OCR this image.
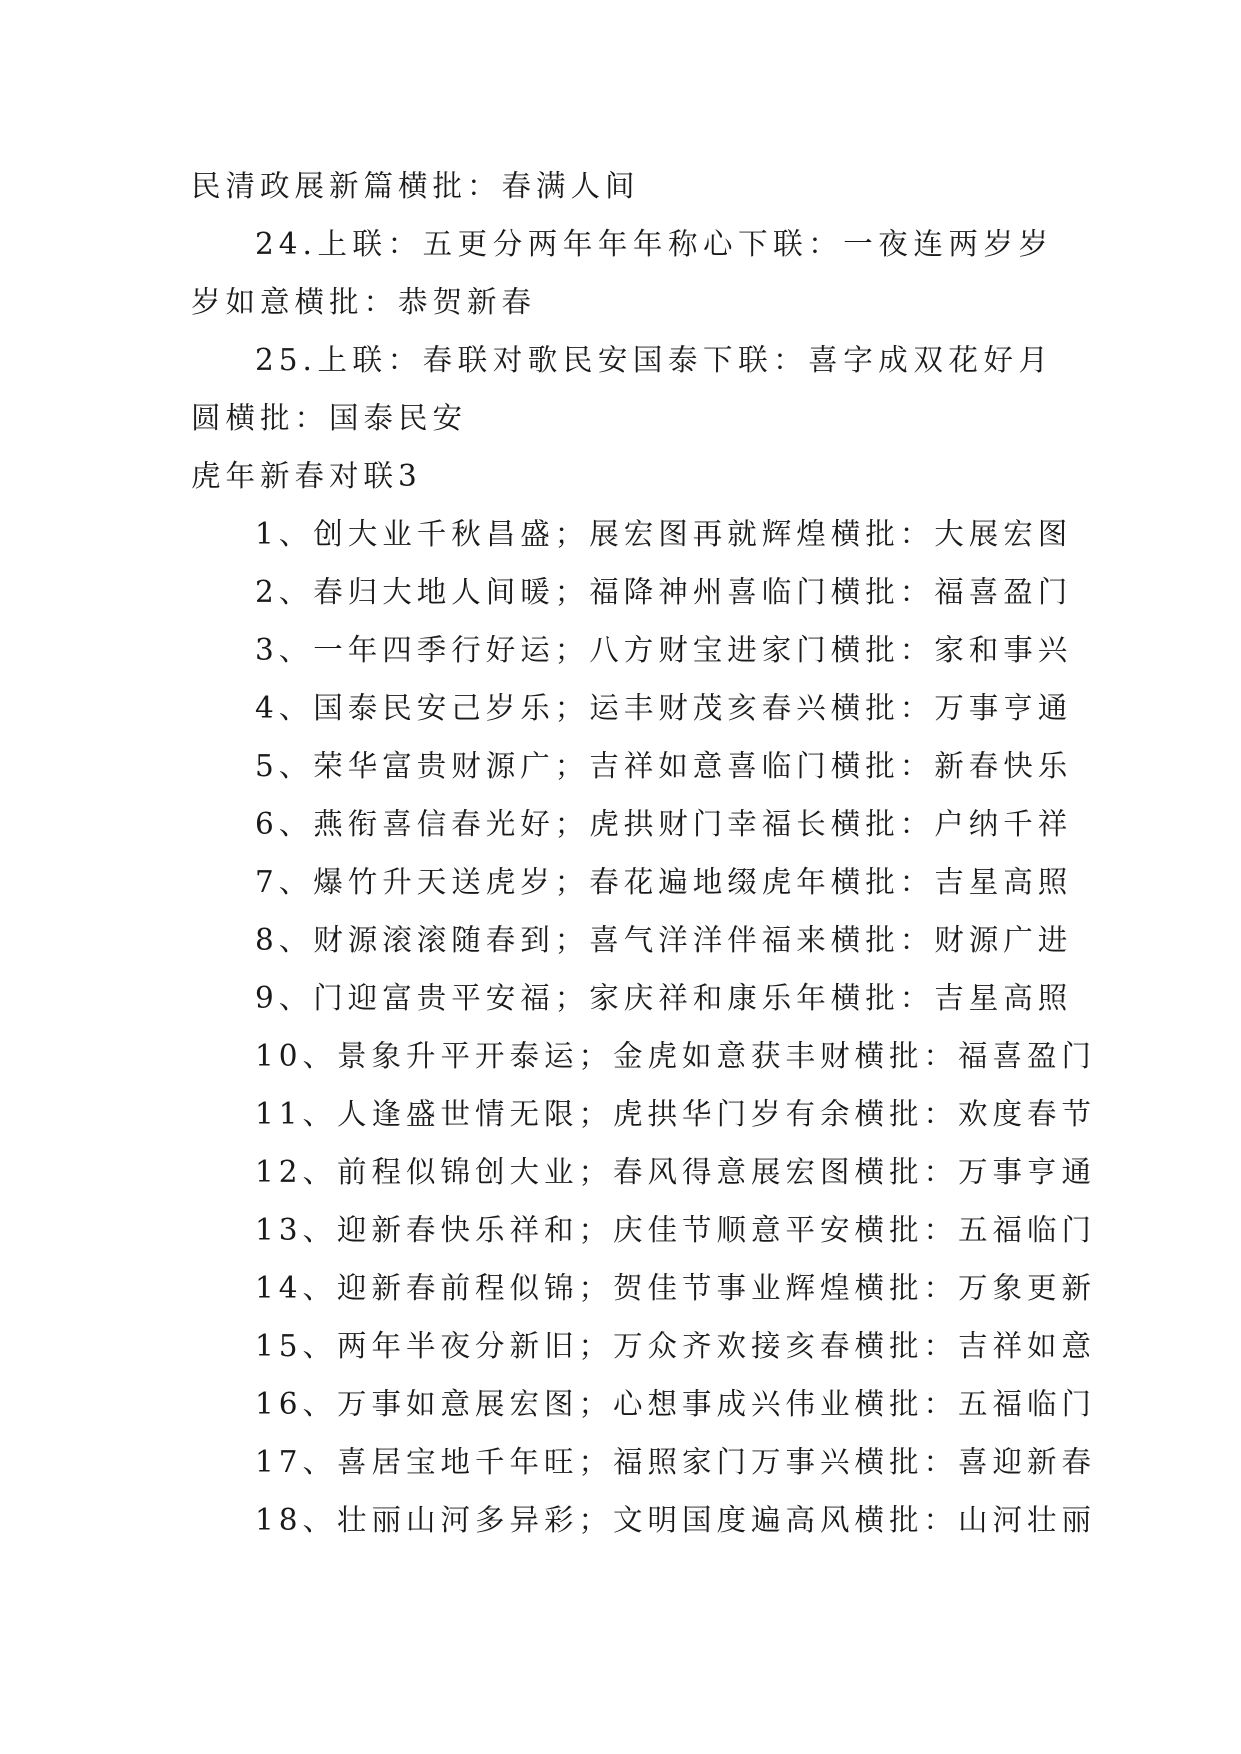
民清政展新篇横批：春满人间

24.上联：五更分两年年年称心下联：一夜连两岁岁岁如意横批：恭贺新春

25.上联：春联对歌民安国泰下联：喜字成双花好月圆横批：国泰民安

虎年新春对联3

1、创大业千秋昌盛；展宏图再就辉煌横批：大展宏图

2、春归大地人间暖；福降神州喜临门横批：福喜盈门

3、一年四季行好运；八方财宝进家门横批：家和事兴

4、国泰民安己岁乐；运丰财茂亥春兴横批：万事亨通

5、荣华富贵财源广；吉祥如意喜临门横批：新春快乐

6、燕衔喜信春光好；虎拱财门幸福长横批：户纳千祥

7、爆竹升天送虎岁；春花遍地缀虎年横批：吉星高照

8、财源滚滚随春到；喜气洋洋伴福来横批：财源广进

9、门迎富贵平安福；家庆祥和康乐年横批：吉星高照

10、景象升平开泰运；金虎如意获丰财横批：福喜盈门

11、人逢盛世情无限；虎拱华门岁有余横批：欢度春节

12、前程似锦创大业；春风得意展宏图横批：万事亨通

13、迎新春快乐祥和；庆佳节顺意平安横批：五福临门

14、迎新春前程似锦；贺佳节事业辉煌横批：万象更新

15、两年半夜分新旧；万众齐欢接亥春横批：吉祥如意

16、万事如意展宏图；心想事成兴伟业横批：五福临门

17、喜居宝地千年旺；福照家门万事兴横批：喜迎新春

18、壮丽山河多异彩；文明国度遍高风横批：山河壮丽
